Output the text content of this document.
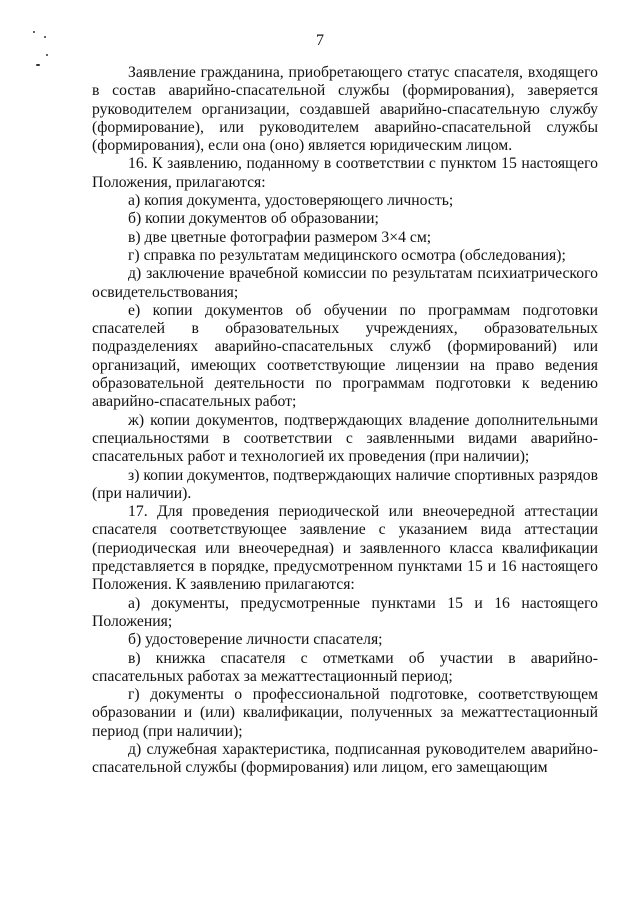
7

Заявление гражданина, приобретающего статус спасателя, входящего в состав аварийно-спасательной службы (формирования), заверяется руководителем организации, создавшей аварийно-спасательную службу (формирование), или руководителем аварийно-спасательной службы (формирования), если она (оно) является юридическим лицом.

16. К заявлению, поданному в соответствии с пунктом 15 настоящего Положения, прилагаются:

а) копия документа, удостоверяющего личность;

б) копии документов об образовании;

в) две цветные фотографии размером 3×4 см;

г) справка по результатам медицинского осмотра (обследования);

д) заключение врачебной комиссии по результатам психиатрического освидетельствования;

е) копии документов об обучении по программам подготовки спасателей в образовательных учреждениях, образовательных подразделениях аварийно-спасательных служб (формирований) или организаций, имеющих соответствующие лицензии на право ведения образовательной деятельности по программам подготовки к ведению аварийно-спасательных работ;

ж) копии документов, подтверждающих владение дополнительными специальностями в соответствии с заявленными видами аварийно-спасательных работ и технологией их проведения (при наличии);

з) копии документов, подтверждающих наличие спортивных разрядов (при наличии).

17. Для проведения периодической или внеочередной аттестации спасателя соответствующее заявление с указанием вида аттестации (периодическая или внеочередная) и заявленного класса квалификации представляется в порядке, предусмотренном пунктами 15 и 16 настоящего Положения. К заявлению прилагаются:

а) документы, предусмотренные пунктами 15 и 16 настоящего Положения;

б) удостоверение личности спасателя;

в) книжка спасателя с отметками об участии в аварийно-спасательных работах за межаттестационный период;

г) документы о профессиональной подготовке, соответствующем образовании и (или) квалификации, полученных за межаттестационный период (при наличии);

д) служебная характеристика, подписанная руководителем аварийно-спасательной службы (формирования) или лицом, его замещающим
